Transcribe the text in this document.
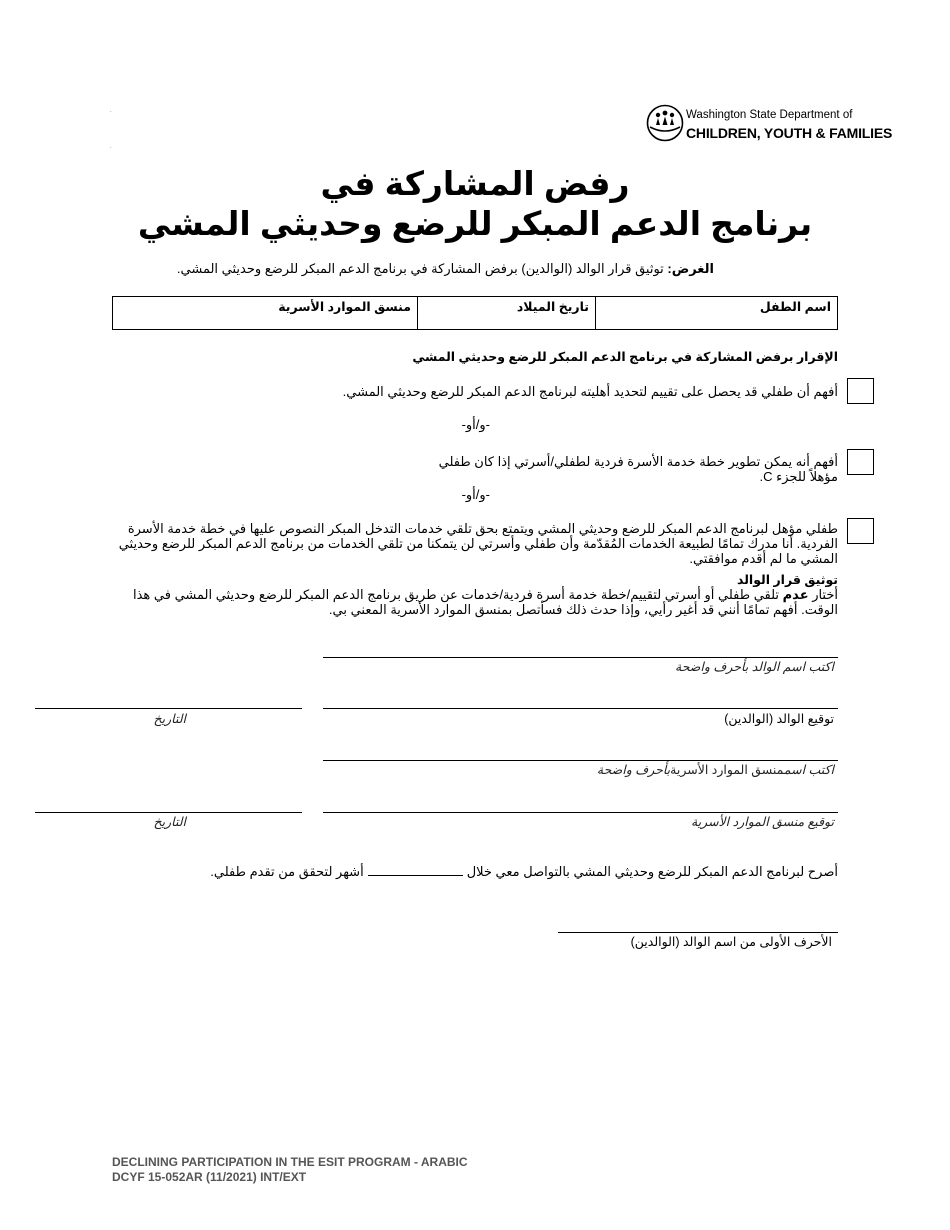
.
.
Washington State Department of
CHILDREN, YOUTH & FAMILIES
رفض المشاركة في
برنامج الدعم المبكر للرضع وحديثي المشي
الغرض: توثيق قرار الوالد (الوالدين) برفض المشاركة في برنامج الدعم المبكر للرضع وحديثي المشي.
اسم الطفل
تاريخ الميلاد
منسق الموارد الأسرية
الإقرار برفض المشاركة في برنامج الدعم المبكر للرضع وحديثي المشي
أفهم أن طفلي قد يحصل على تقييم لتحديد أهليته لبرنامج الدعم المبكر للرضع وحديثي المشي.
-و/أو-
أفهم أنه يمكن تطوير خطة خدمة الأسرة فردية لطفلي/أسرتي إذا كان طفلي
مؤهلاً للجزء C.
-و/أو-
طفلي مؤهل لبرنامج الدعم المبكر للرضع وحديثي المشي ويتمتع بحق تلقي خدمات التدخل المبكر النصوص عليها في خطة خدمة الأسرة الفردية. أنا مدرك تمامًا لطبيعة الخدمات المُقدّمة وأن طفلي وأسرتي لن يتمكنا من تلقي الخدمات من برنامج الدعم المبكر للرضع وحديثي المشي ما لم أقدم موافقتي.
توثيق قرار الوالد
أختار عدم تلقي طفلي أو أسرتي لتقييم/خطة خدمة أسرة فردية/خدمات عن طريق برنامج الدعم المبكر للرضع وحديثي المشي في هذا الوقت. أفهم تمامًا أنني قد أغير رأيي، وإذا حدث ذلك فسأتصل بمنسق الموارد الأسرية المعني بي.
اكتب اسم الوالد بأحرف واضحة
التاريخ	توقيع الوالد (الوالدين)
اكتب اسممنسق الموارد الأسريةبأحرف واضحة
التاريخ	توقيع منسق الموارد الأسرية
أصرح لبرنامج الدعم المبكر للرضع وحديثي المشي بالتواصل معي خلالأشهر لتحقق من تقدم طفلي.
الأحرف الأولى من اسم الوالد (الوالدين)
DECLINING PARTICIPATION IN THE ESIT PROGRAM - ARABIC
DCYF 15-052AR (11/2021) INT/EXT
